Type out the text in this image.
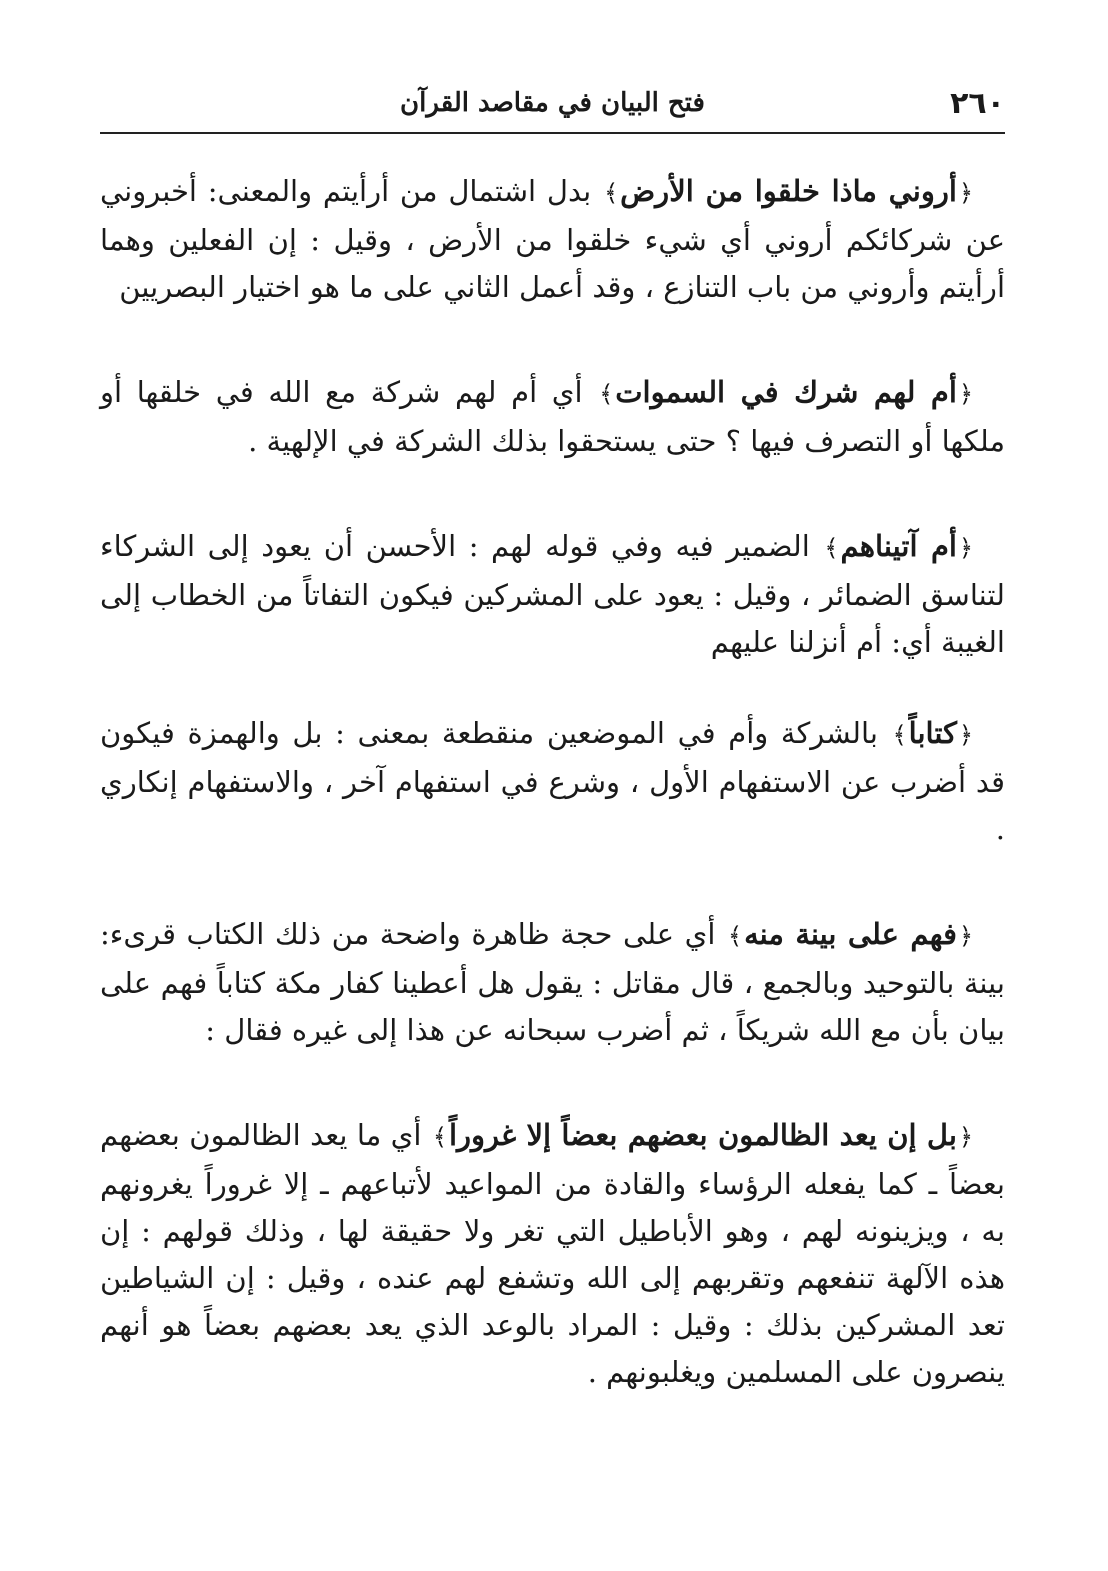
٢٦٠
فتح البيان في مقاصد القرآن

﴿أروني ماذا خلقوا من الأرض﴾ بدل اشتمال من أرأيتم والمعنى: أخبروني عن شركائكم أروني أي شيء خلقوا من الأرض ، وقيل : إن الفعلين وهما أرأيتم وأروني من باب التنازع ، وقد أعمل الثاني على ما هو اختيار البصريين

﴿أم لهم شرك في السموات﴾ أي أم لهم شركة مع الله في خلقها أو ملكها أو التصرف فيها ؟ حتى يستحقوا بذلك الشركة في الإلهية .

﴿أم آتيناهم﴾ الضمير فيه وفي قوله لهم : الأحسن أن يعود إلى الشركاء لتناسق الضمائر ، وقيل : يعود على المشركين فيكون التفاتاً من الخطاب إلى الغيبة أي: أم أنزلنا عليهم

﴿كتاباً﴾ بالشركة وأم في الموضعين منقطعة بمعنى : بل والهمزة فيكون قد أضرب عن الاستفهام الأول ، وشرع في استفهام آخر ، والاستفهام إنكاري .

﴿فهم على بينة منه﴾ أي على حجة ظاهرة واضحة من ذلك الكتاب قرىء: بينة بالتوحيد وبالجمع ، قال مقاتل : يقول هل أعطينا كفار مكة كتاباً فهم على بيان بأن مع الله شريكاً ، ثم أضرب سبحانه عن هذا إلى غيره فقال :

﴿بل إن يعد الظالمون بعضهم بعضاً إلا غروراً﴾ أي ما يعد الظالمون بعضهم بعضاً ـ كما يفعله الرؤساء والقادة من المواعيد لأتباعهم ـ إلا غروراً يغرونهم به ، ويزينونه لهم ، وهو الأباطيل التي تغر ولا حقيقة لها ، وذلك قولهم : إن هذه الآلهة تنفعهم وتقربهم إلى الله وتشفع لهم عنده ، وقيل : إن الشياطين تعد المشركين بذلك : وقيل : المراد بالوعد الذي يعد بعضهم بعضاً هو أنهم ينصرون على المسلمين ويغلبونهم .
